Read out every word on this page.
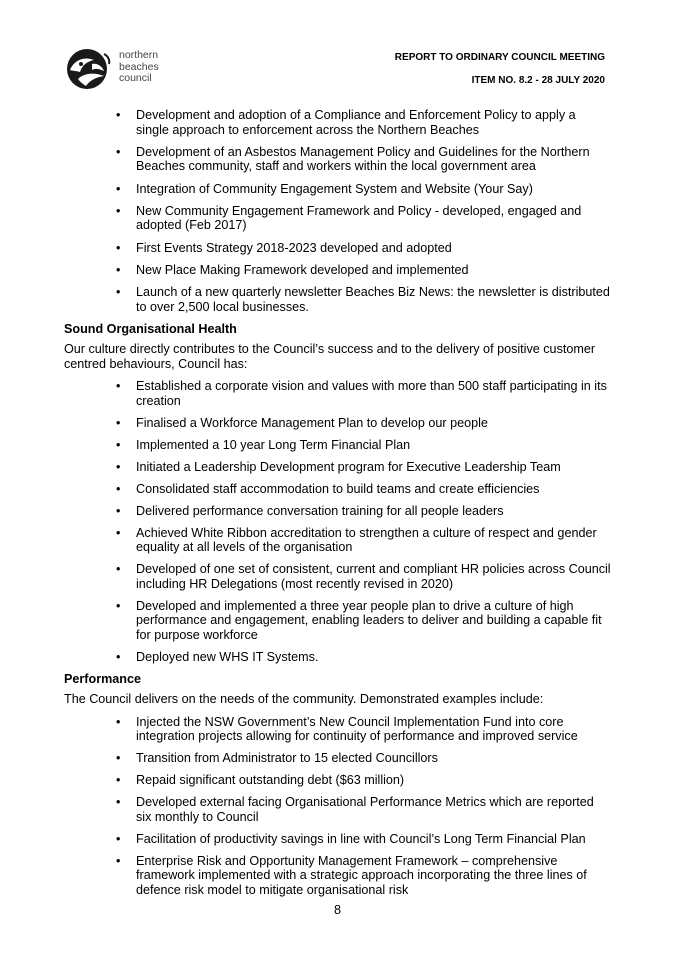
northern
beaches
council
REPORT TO ORDINARY COUNCIL MEETING
ITEM NO. 8.2 - 28 JULY 2020
• Development and adoption of a Compliance and Enforcement Policy to apply a single approach to enforcement across the Northern Beaches
• Development of an Asbestos Management Policy and Guidelines for the Northern Beaches community, staff and workers within the local government area
• Integration of Community Engagement System and Website (Your Say)
• New Community Engagement Framework and Policy - developed, engaged and adopted (Feb 2017)
• First Events Strategy 2018-2023 developed and adopted
• New Place Making Framework developed and implemented
• Launch of a new quarterly newsletter Beaches Biz News: the newsletter is distributed to over 2,500 local businesses.
Sound Organisational Health
Our culture directly contributes to the Council’s success and to the delivery of positive customer centred behaviours, Council has:
• Established a corporate vision and values with more than 500 staff participating in its creation
• Finalised a Workforce Management Plan to develop our people
• Implemented a 10 year Long Term Financial Plan
• Initiated a Leadership Development program for Executive Leadership Team
• Consolidated staff accommodation to build teams and create efficiencies
• Delivered performance conversation training for all people leaders
• Achieved White Ribbon accreditation to strengthen a culture of respect and gender equality at all levels of the organisation
• Developed of one set of consistent, current and compliant HR policies across Council including HR Delegations (most recently revised in 2020)
• Developed and implemented a three year people plan to drive a culture of high performance and engagement, enabling leaders to deliver and building a capable fit for purpose workforce
• Deployed new WHS IT Systems.
Performance
The Council delivers on the needs of the community. Demonstrated examples include:
• Injected the NSW Government’s New Council Implementation Fund into core integration projects allowing for continuity of performance and improved service
• Transition from Administrator to 15 elected Councillors
• Repaid significant outstanding debt ($63 million)
• Developed external facing Organisational Performance Metrics which are reported six monthly to Council
• Facilitation of productivity savings in line with Council’s Long Term Financial Plan
• Enterprise Risk and Opportunity Management Framework – comprehensive framework implemented with a strategic approach incorporating the three lines of defence risk model to mitigate organisational risk
8
